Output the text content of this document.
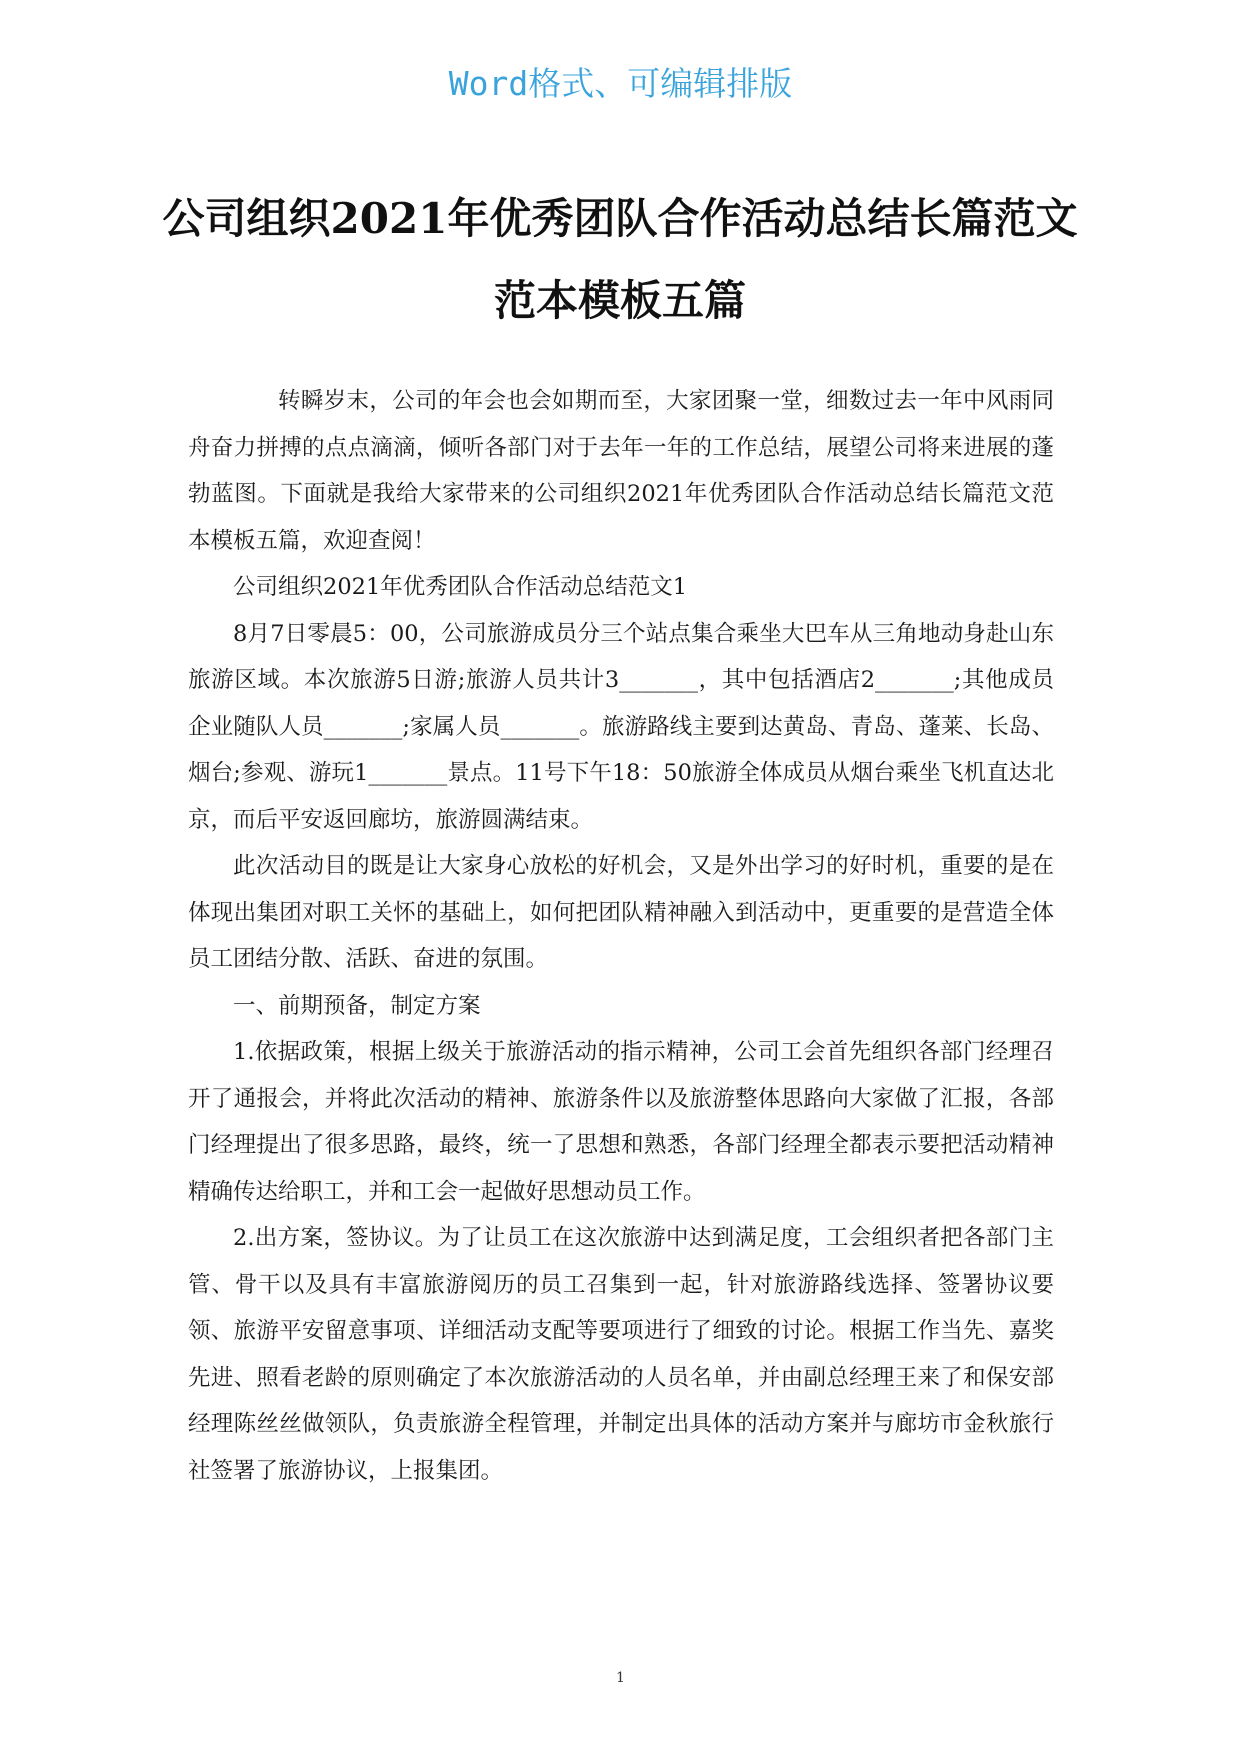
Word格式、可编辑排版
公司组织2021年优秀团队合作活动总结长篇范文范本模板五篇

转瞬岁末，公司的年会也会如期而至，大家团聚一堂，细数过去一年中风雨同舟奋力拼搏的点点滴滴，倾听各部门对于去年一年的工作总结，展望公司将来进展的蓬勃蓝图。下面就是我给大家带来的公司组织2021年优秀团队合作活动总结长篇范文范本模板五篇，欢迎查阅！

公司组织2021年优秀团队合作活动总结范文1

8月7日零晨5：00，公司旅游成员分三个站点集合乘坐大巴车从三角地动身赴山东旅游区域。本次旅游5日游;旅游人员共计3_______，其中包括酒店2_______;其他成员企业随队人员_______;家属人员_______。旅游路线主要到达黄岛、青岛、蓬莱、长岛、烟台;参观、游玩1_______景点。11号下午18：50旅游全体成员从烟台乘坐飞机直达北京，而后平安返回廊坊，旅游圆满结束。

此次活动目的既是让大家身心放松的好机会，又是外出学习的好时机，重要的是在体现出集团对职工关怀的基础上，如何把团队精神融入到活动中，更重要的是营造全体员工团结分散、活跃、奋进的氛围。

一、前期预备，制定方案

1.依据政策，根据上级关于旅游活动的指示精神，公司工会首先组织各部门经理召开了通报会，并将此次活动的精神、旅游条件以及旅游整体思路向大家做了汇报，各部门经理提出了很多思路，最终，统一了思想和熟悉，各部门经理全都表示要把活动精神精确传达给职工，并和工会一起做好思想动员工作。

2.出方案，签协议。为了让员工在这次旅游中达到满足度，工会组织者把各部门主管、骨干以及具有丰富旅游阅历的员工召集到一起，针对旅游路线选择、签署协议要领、旅游平安留意事项、详细活动支配等要项进行了细致的讨论。根据工作当先、嘉奖先进、照看老龄的原则确定了本次旅游活动的人员名单，并由副总经理王来了和保安部经理陈丝丝做领队，负责旅游全程管理，并制定出具体的活动方案并与廊坊市金秋旅行社签署了旅游协议，上报集团。

1
